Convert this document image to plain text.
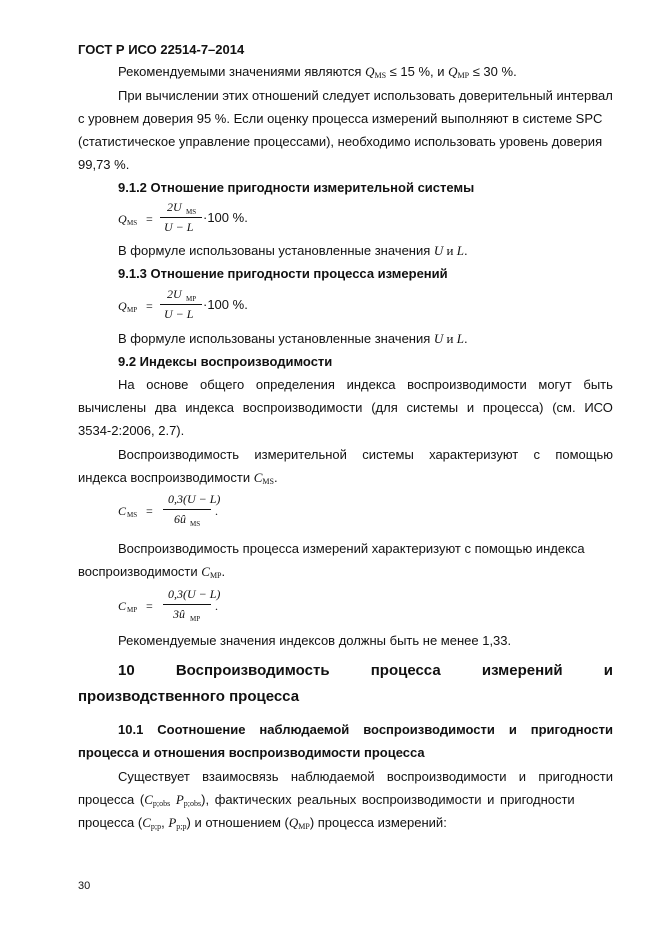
ГОСТ Р ИСО 22514-7–2014
Рекомендуемыми значениями являются QMS ≤ 15 %, и QMP ≤ 30 %.
При вычислении этих отношений следует использовать доверительный интервал
с уровнем доверия 95 %. Если оценку процесса измерений выполняют в системе SPC
(статистическое управление процессами), необходимо использовать уровень доверия
99,73 %.
9.1.2 Отношение пригодности измерительной системы
Q MS =
2U MS
U − L
·100 %.
В формуле использованы установленные значения U и L.
9.1.3 Отношение пригодности процесса измерений
Q MP =
2U MP
U − L
·100 %.
В формуле использованы установленные значения U и L.
9.2 Индексы воспроизводимости
На основе общего определения индекса воспроизводимости могут быть
вычислены два индекса воспроизводимости (для системы и процесса) (см. ИСО
3534-2:2006, 2.7).
Воспроизводимость измерительной системы характеризуют с помощью
индекса воспроизводимости CMS.
C MS =
0,3(U − L)
6û MS
.
Воспроизводимость процесса измерений характеризуют с помощью индекса
воспроизводимости CMP.
C MP =
0,3(U − L)
3û MP
.
Рекомендуемые значения индексов должны быть не менее 1,33.
10	Воспроизводимость	процесса	измерений	и
производственного процесса
10.1 Соотношение наблюдаемой воспроизводимости и пригодности
процесса и отношения воспроизводимости процесса
Существует взаимосвязь наблюдаемой воспроизводимости и пригодности
процесса (Cp;obs Pp;obs), фактических реальных воспроизводимости и пригодности
процесса (Cp;p, Pp;p) и отношением (QMP) процесса измерений:
30
